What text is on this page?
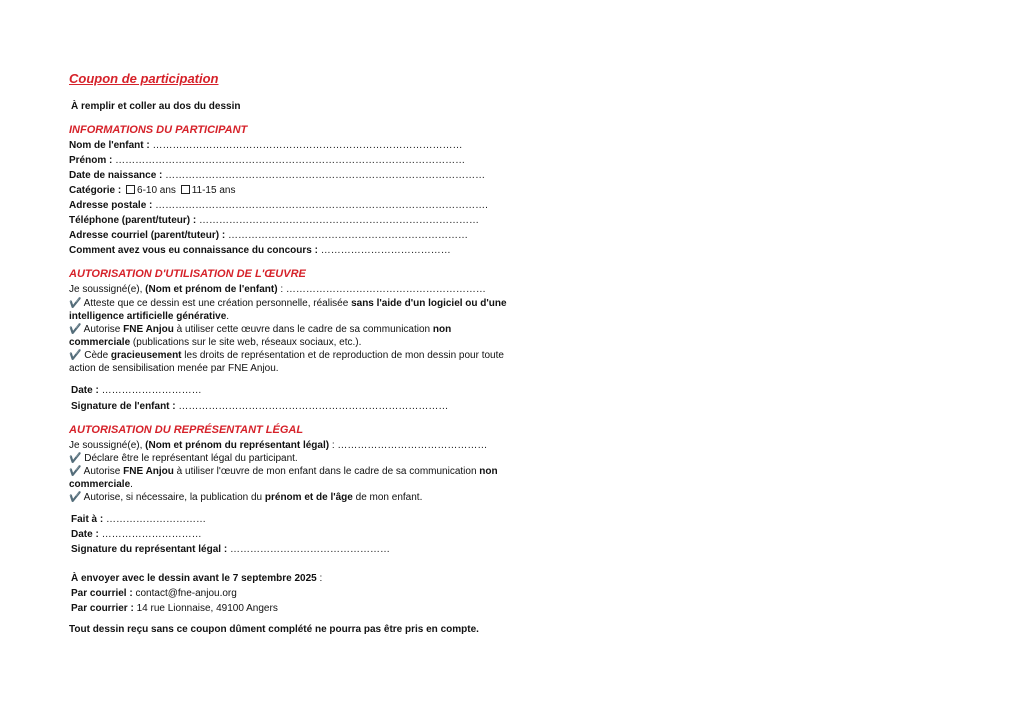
Coupon de participation
À remplir et coller au dos du dessin
INFORMATIONS DU PARTICIPANT
Nom de l'enfant : …………………………………………………………………………………
Prénom : ……………………………………………………………………………………………
Date de naissance : ……………………………………………………………………………………
Catégorie : 6-10 ans 11-15 ans
Adresse postale : ……………………………………………………………………………………….
Téléphone (parent/tuteur) : …………………………………………………………………………
Adresse courriel (parent/tuteur) : ………………………………………………………………
Comment avez vous eu connaissance du concours : …………………………………
AUTORISATION D'UTILISATION DE L'ŒUVRE
Je soussigné(e), (Nom et prénom de l'enfant) : ……………………………………………………
✔️ Atteste que ce dessin est une création personnelle, réalisée sans l'aide d'un logiciel ou d'une intelligence artificielle générative.
✔️ Autorise FNE Anjou à utiliser cette œuvre dans le cadre de sa communication non commerciale (publications sur le site web, réseaux sociaux, etc.).
✔️ Cède gracieusement les droits de représentation et de reproduction de mon dessin pour toute action de sensibilisation menée par FNE Anjou.
Date : …………………………
Signature de l'enfant : ………………………………………………………………………
AUTORISATION DU REPRÉSENTANT LÉGAL
Je soussigné(e), (Nom et prénom du représentant légal) : ………………………………………
✔️ Déclare être le représentant légal du participant.
✔️ Autorise FNE Anjou à utiliser l'œuvre de mon enfant dans le cadre de sa communication non commerciale.
✔️ Autorise, si nécessaire, la publication du prénom et de l'âge de mon enfant.
Fait à : …………………………
Date : …………………………
Signature du représentant légal : …………………………………………
À envoyer avec le dessin avant le 7 septembre 2025 :
Par courriel : contact@fne-anjou.org
Par courrier : 14 rue Lionnaise, 49100 Angers
Tout dessin reçu sans ce coupon dûment complété ne pourra pas être pris en compte.
